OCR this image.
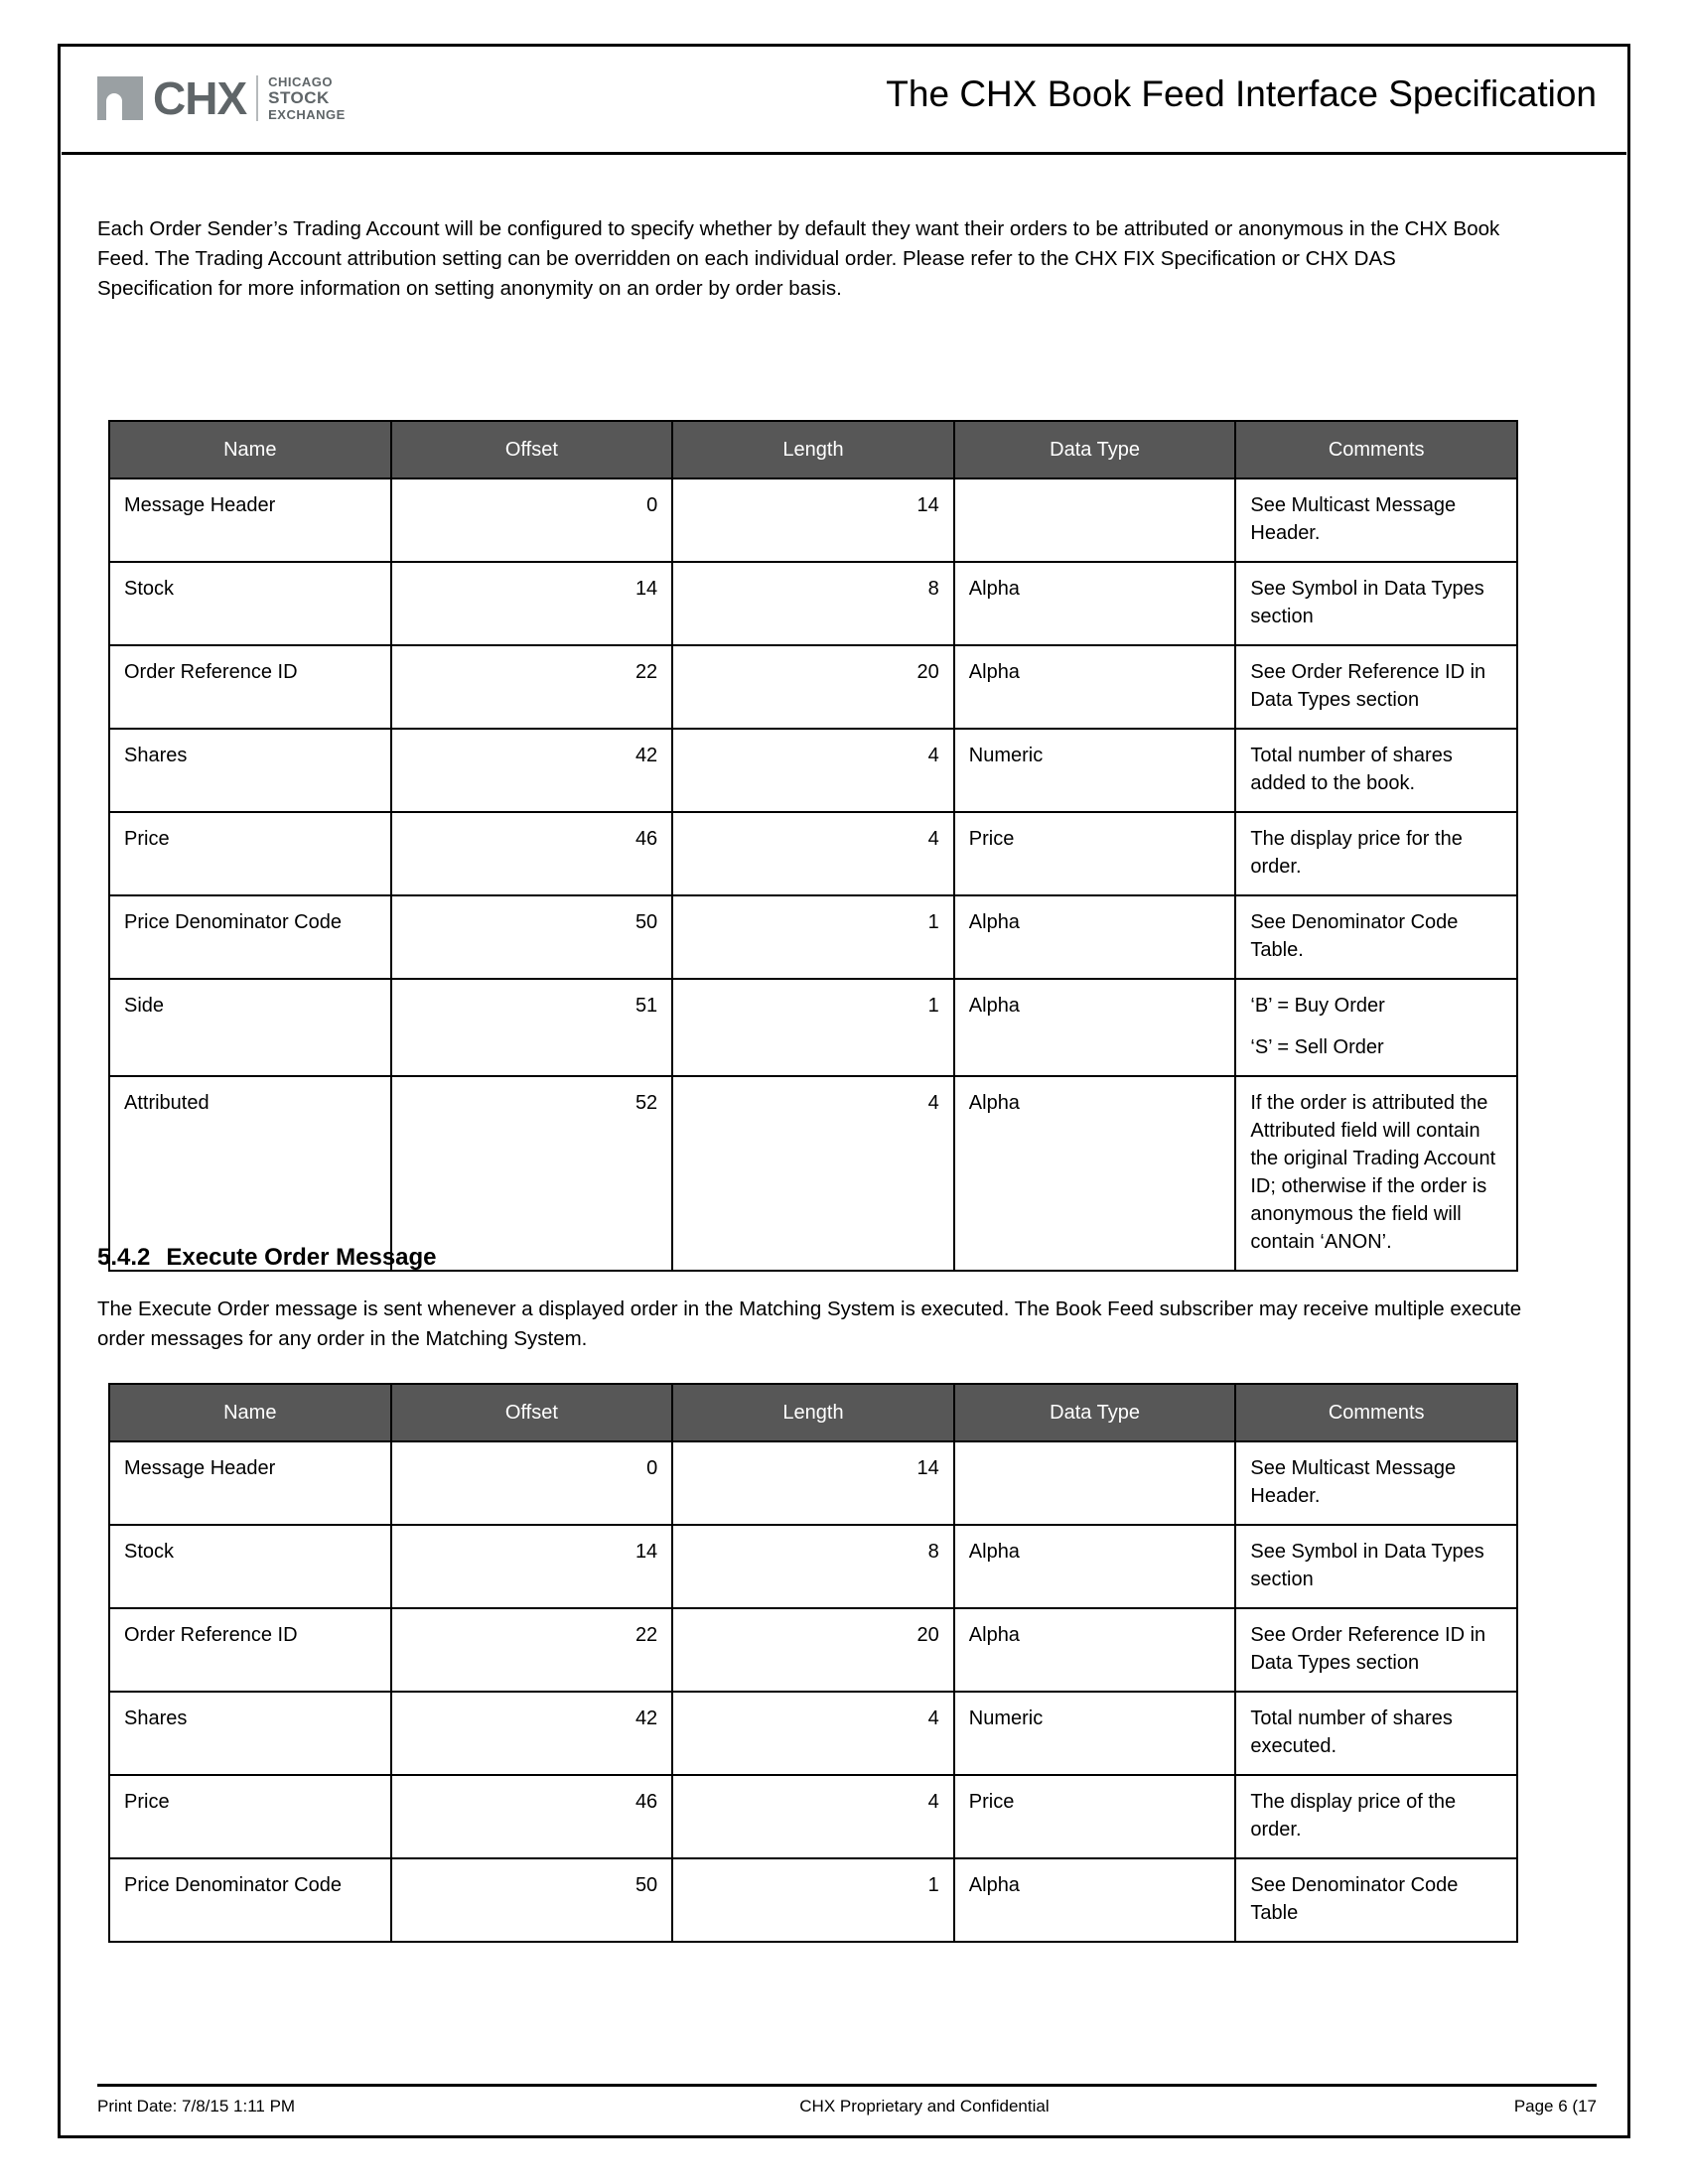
CHX CHICAGO
STOCK
EXCHANGE
The CHX Book Feed Interface Specification

Each Order Sender’s Trading Account will be configured to specify whether by default they want their orders to be attributed or anonymous in the CHX Book Feed. The Trading Account attribution setting can be overridden on each individual order. Please refer to the CHX FIX Specification or CHX DAS Specification for more information on setting anonymity on an order by order basis.

Name	Offset	Length	Data Type	Comments
Message Header	0	14		See Multicast Message Header.

Stock	14	8	Alpha	See Symbol in Data Types section

Order Reference ID	22	20	Alpha	See Order Reference ID in Data Types section

Shares	42	4	Numeric	Total number of shares added to the book.

Price	46	4	Price	The display price for the order.

Price Denominator Code	50	1	Alpha	See Denominator Code Table.

Side	51	1	Alpha	‘B’ = Buy Order
‘S’ = Sell Order

Attributed	52	4	Alpha	If the order is attributed the Attributed field will contain the original Trading Account ID; otherwise if the order is anonymous the field will contain ‘ANON’.
5.4.2 Execute Order Message

The Execute Order message is sent whenever a displayed order in the Matching System is executed. The Book Feed subscriber may receive multiple execute order messages for any order in the Matching System.

Name	Offset	Length	Data Type	Comments
Message Header	0	14		See Multicast Message Header.

Stock	14	8	Alpha	See Symbol in Data Types section

Order Reference ID	22	20	Alpha	See Order Reference ID in Data Types section

Shares	42	4	Numeric	Total number of shares executed.

Price	46	4	Price	The display price of the order.

Price Denominator Code	50	1	Alpha	See Denominator Code Table
Print Date: 7/8/15 1:11 PM	CHX Proprietary and Confidential	Page 6 (17
